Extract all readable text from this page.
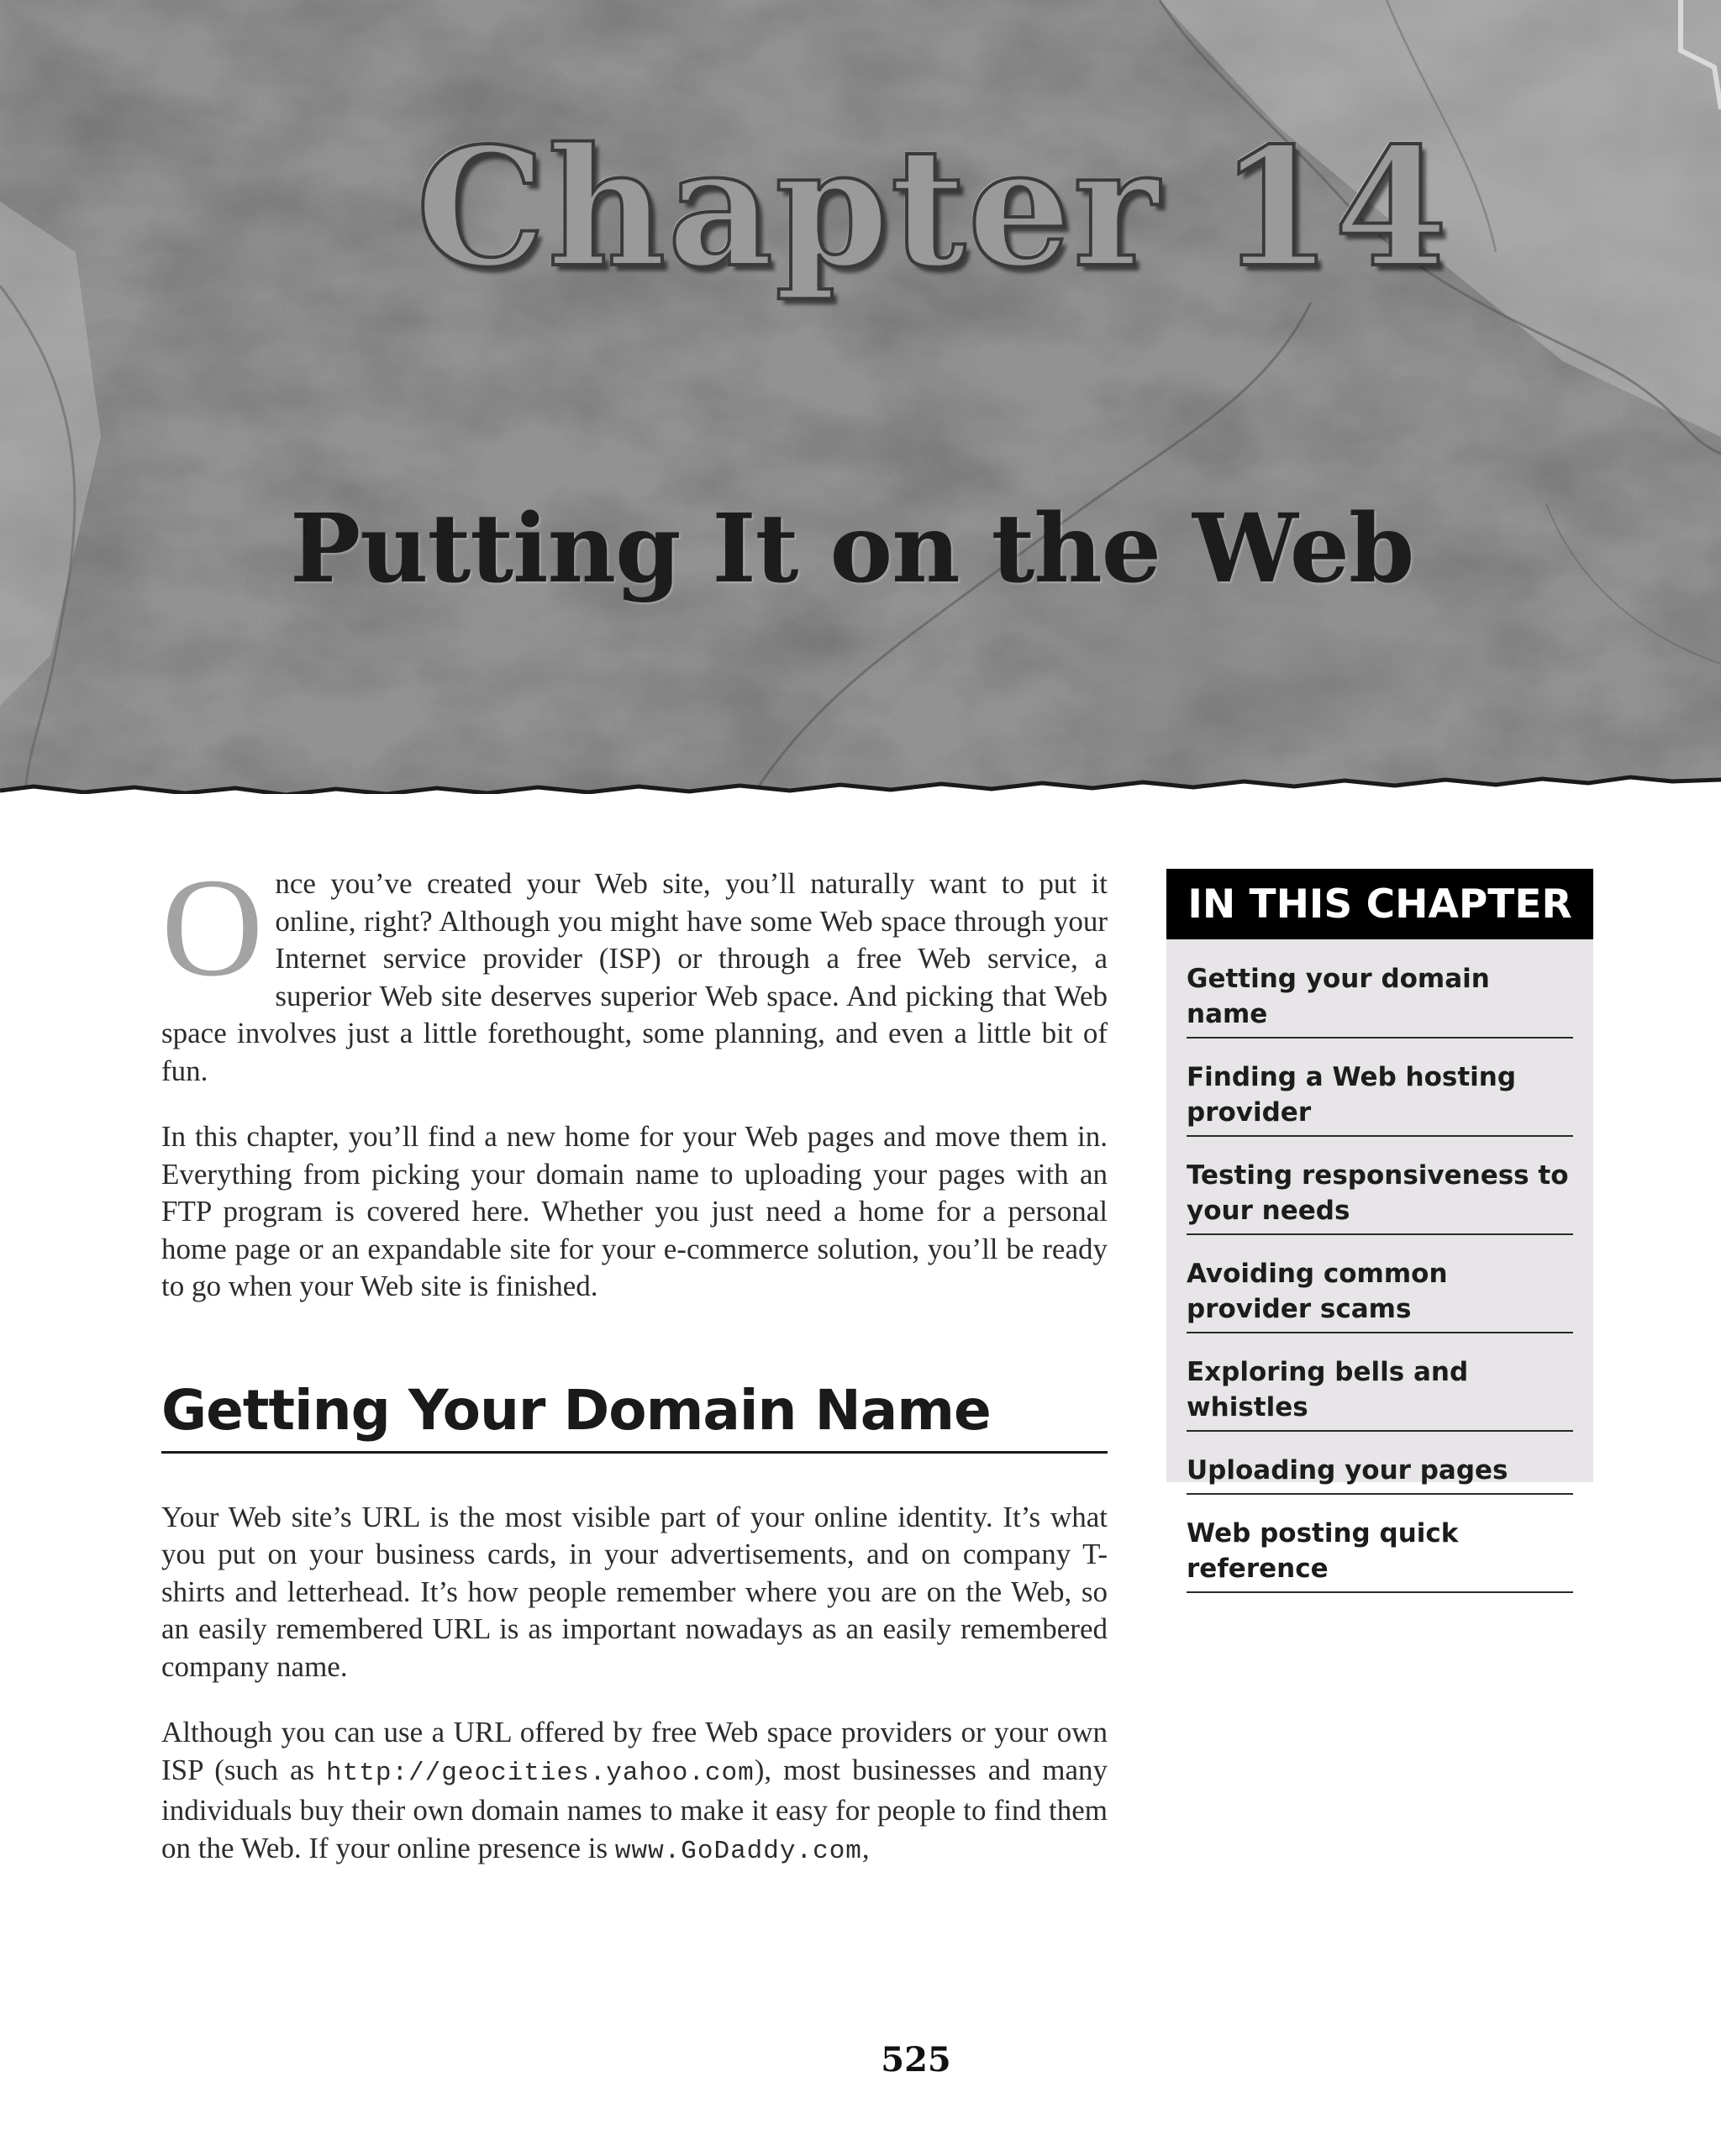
Chapter 14
Putting It on the Web

Once you’ve created your Web site, you’ll naturally want to put it online, right? Although you might have some Web space through your Internet service provider (ISP) or through a free Web service, a superior Web site deserves superior Web space. And picking that Web space involves just a little forethought, some planning, and even a little bit of fun.

In this chapter, you’ll find a new home for your Web pages and move them in. Everything from picking your domain name to uploading your pages with an FTP program is covered here. Whether you just need a home for a personal home page or an expandable site for your e-commerce solution, you’ll be ready to go when your Web site is finished.

Getting Your Domain Name

Your Web site’s URL is the most visible part of your online identity. It’s what you put on your business cards, in your advertisements, and on company T-shirts and letterhead. It’s how people remember where you are on the Web, so an easily remembered URL is as important nowadays as an easily remembered company name.

Although you can use a URL offered by free Web space providers or your own ISP (such as http://geocities.yahoo.com), most businesses and many individuals buy their own domain names to make it easy for people to find them on the Web. If your online presence is www.GoDaddy.com,

IN THIS CHAPTER
Getting your domain name
Finding a Web hosting provider
Testing responsiveness to your needs
Avoiding common provider scams
Exploring bells and whistles
Uploading your pages
Web posting quick reference
525
